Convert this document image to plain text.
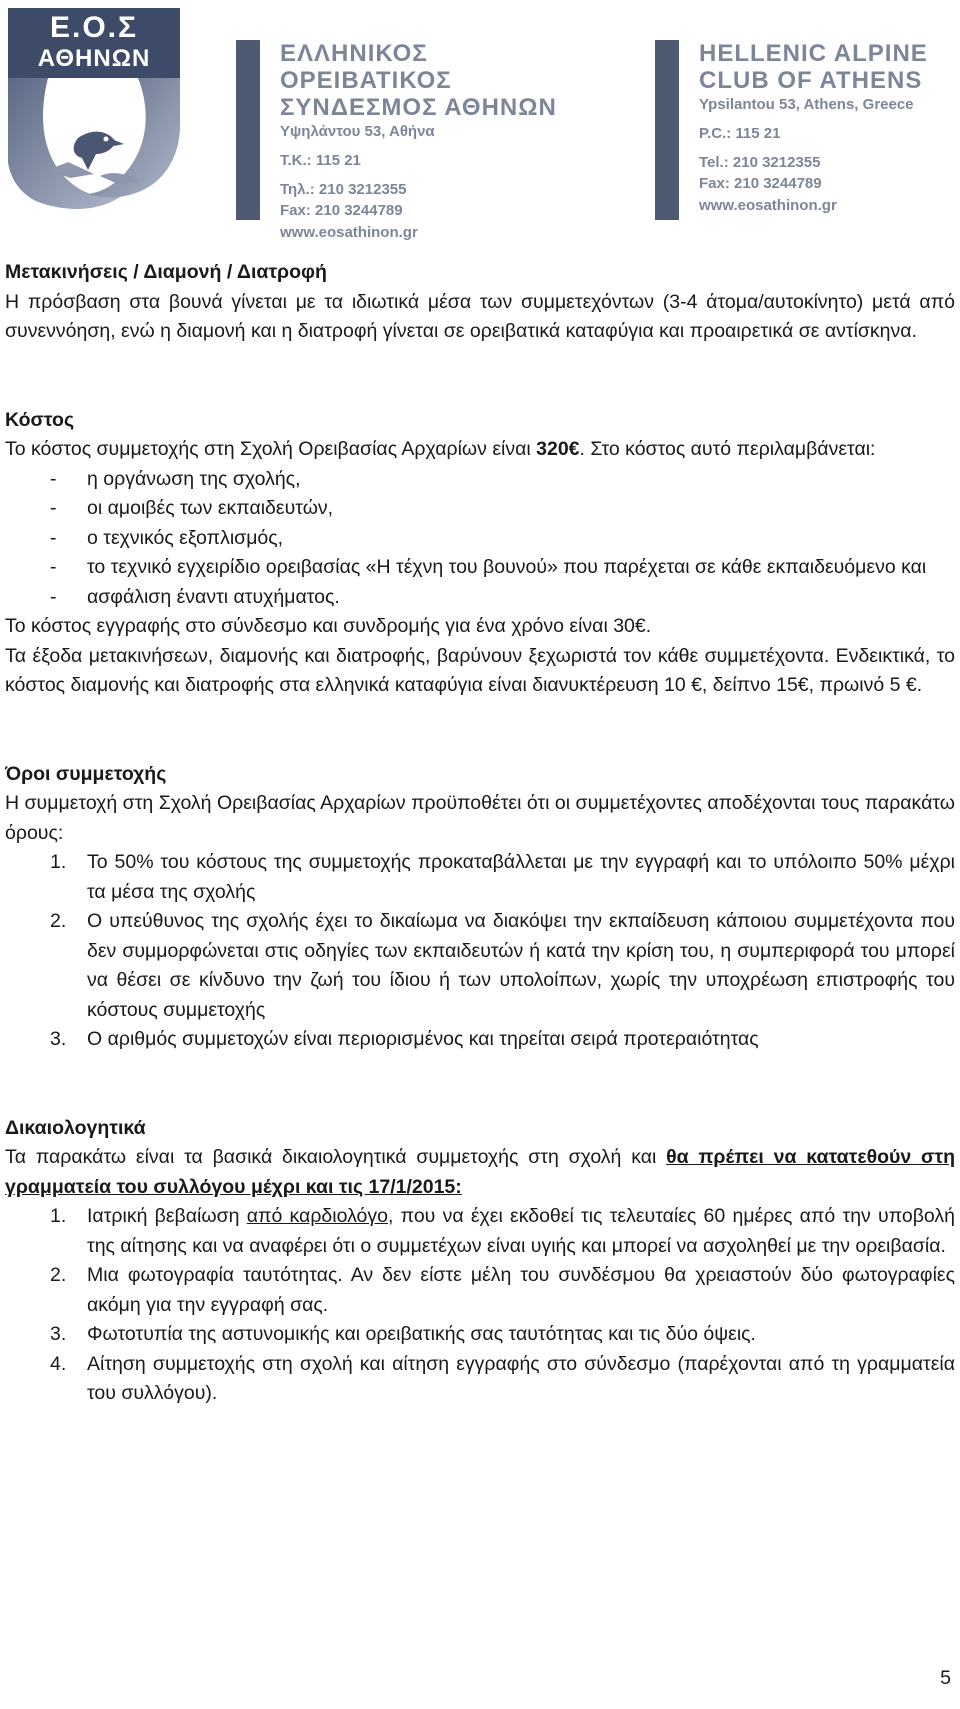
Ε.Ο.Σ
ΑΘΗΝΩΝ	ΕΛΛΗΝΙΚΟΣ ΟΡΕΙΒΑΤΙΚΟΣ
ΣΥΝΔΕΣΜΟΣ ΑΘΗΝΩΝ
Υψηλάντου 53, Αθήνα
Τ.Κ.: 115 21
Τηλ.: 210 3212355
Fax: 210 3244789
www.eosathinon.gr
HELLENIC ALPINE
CLUB OF ATHENS
Ypsilantou 53, Athens, Greece
P.C.: 115 21
Tel.: 210 3212355
Fax: 210 3244789
www.eosathinon.gr

Μετακινήσεις / Διαμονή / Διατροφή

Η πρόσβαση στα βουνά γίνεται με τα ιδιωτικά μέσα των συμμετεχόντων (3-4 άτομα/αυτοκίνητο) μετά από συνεννόηση, ενώ η διαμονή και η διατροφή γίνεται σε ορειβατικά καταφύγια και προαιρετικά σε αντίσκηνα.

Κόστος

Το κόστος συμμετοχής στη Σχολή Ορειβασίας Αρχαρίων είναι 320€. Στο κόστος αυτό περιλαμβάνεται:

- η οργάνωση της σχολής,
- οι αμοιβές των εκπαιδευτών,
- ο τεχνικός εξοπλισμός,
- το τεχνικό εγχειρίδιο ορειβασίας «Η τέχνη του βουνού» που παρέχεται σε κάθε εκπαιδευόμενο και
- ασφάλιση έναντι ατυχήματος.

Το κόστος εγγραφής στο σύνδεσμο και συνδρομής για ένα χρόνο είναι 30€.

Τα έξοδα μετακινήσεων, διαμονής και διατροφής, βαρύνουν ξεχωριστά τον κάθε συμμετέχοντα. Ενδεικτικά, το κόστος διαμονής και διατροφής στα ελληνικά καταφύγια είναι διανυκτέρευση 10 €, δείπνο 15€, πρωινό 5 €.

Όροι συμμετοχής

Η συμμετοχή στη Σχολή Ορειβασίας Αρχαρίων προϋποθέτει ότι οι συμμετέχοντες αποδέχονται τους παρακάτω όρους:

1. Το 50% του κόστους της συμμετοχής προκαταβάλλεται με την εγγραφή και το υπόλοιπο 50% μέχρι τα μέσα της σχολής
2. Ο υπεύθυνος της σχολής έχει το δικαίωμα να διακόψει την εκπαίδευση κάποιου συμμετέχοντα που δεν συμμορφώνεται στις οδηγίες των εκπαιδευτών ή κατά την κρίση του, η συμπεριφορά του μπορεί να θέσει σε κίνδυνο την ζωή του ίδιου ή των υπολοίπων, χωρίς την υποχρέωση επιστροφής του κόστους συμμετοχής
3. Ο αριθμός συμμετοχών είναι περιορισμένος και τηρείται σειρά προτεραιότητας

Δικαιολογητικά

Τα παρακάτω είναι τα βασικά δικαιολογητικά συμμετοχής στη σχολή και θα πρέπει να κατατεθούν στη γραμματεία του συλλόγου μέχρι και τις 17/1/2015:

1. Ιατρική βεβαίωση από καρδιολόγο, που να έχει εκδοθεί τις τελευταίες 60 ημέρες από την υποβολή της αίτησης και να αναφέρει ότι ο συμμετέχων είναι υγιής και μπορεί να ασχοληθεί με την ορειβασία.
2. Μια φωτογραφία ταυτότητας. Αν δεν είστε μέλη του συνδέσμου θα χρειαστούν δύο φωτογραφίες ακόμη για την εγγραφή σας.
3. Φωτοτυπία της αστυνομικής και ορειβατικής σας ταυτότητας και τις δύο όψεις.
4. Αίτηση συμμετοχής στη σχολή και αίτηση εγγραφής στο σύνδεσμο (παρέχονται από τη γραμματεία του συλλόγου).
5
